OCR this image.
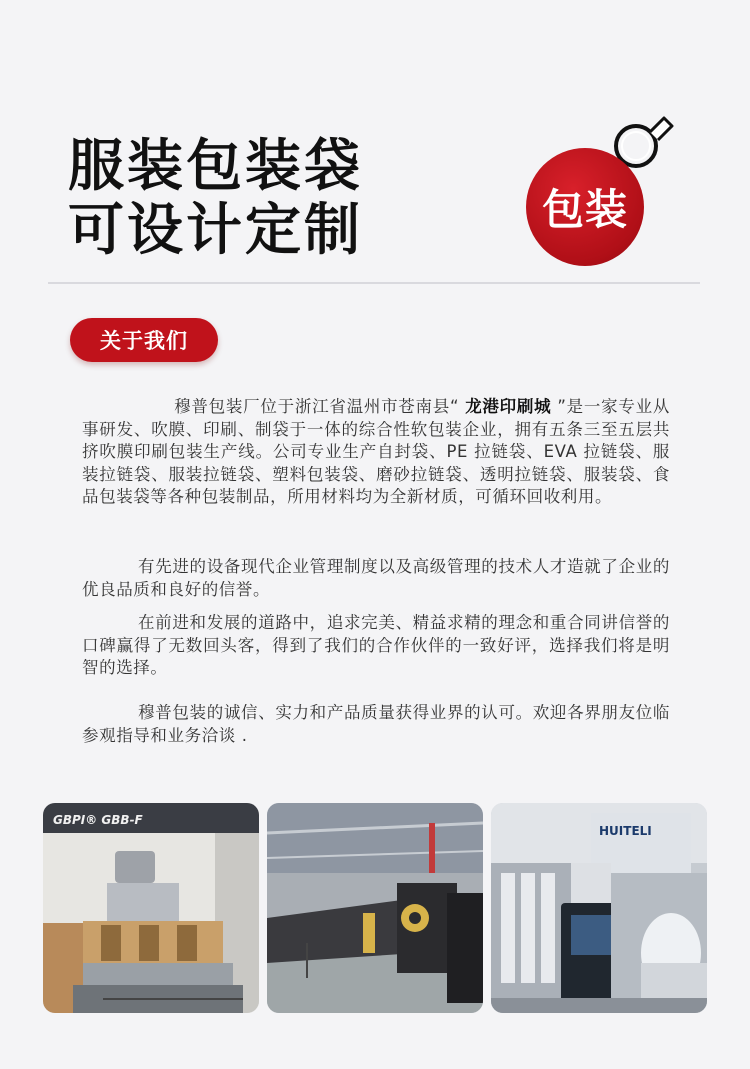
服装包装袋
可设计定制	包装
关于我们
穆普包装厂位于浙江省温州市苍南县“ 龙港印刷城 ”是一家专业从事研发、吹膜、印刷、制袋于一体的综合性软包装企业，拥有五条三至五层共挤吹膜印刷包装生产线。公司专业生产自封袋、PE 拉链袋、EVA 拉链袋、服装拉链袋、服装拉链袋、塑料包装袋、磨砂拉链袋、透明拉链袋、服装袋、食品包装袋等各种包装制品，所用材料均为全新材质，可循环回收利用。
有先进的设备现代企业管理制度以及高级管理的技术人才造就了企业的优良品质和良好的信誉。
在前进和发展的道路中，追求完美、精益求精的理念和重合同讲信誉的口碑赢得了无数回头客，得到了我们的合作伙伴的一致好评，选择我们将是明智的选择。
穆普包装的诚信、实力和产品质量获得业界的认可。欢迎各界朋友位临参观指导和业务洽谈 .
GBPI® GBB-F
HUITELI
